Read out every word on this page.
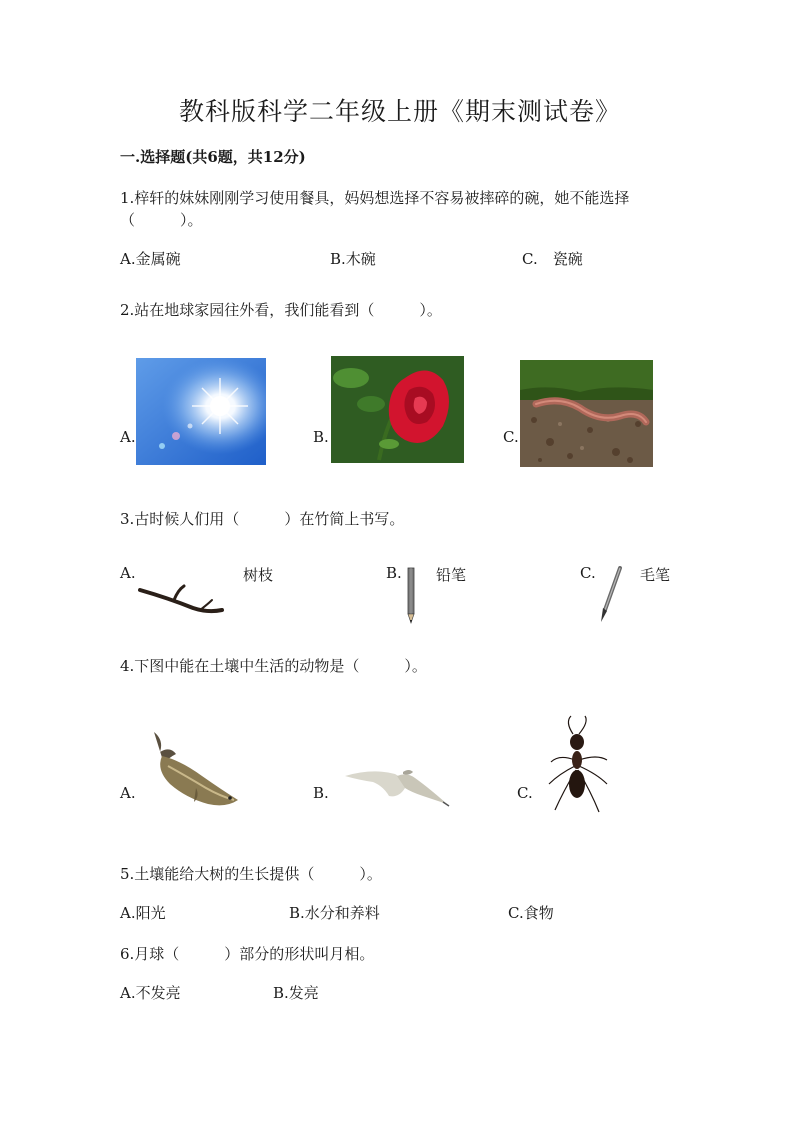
教科版科学二年级上册《期末测试卷》
一.选择题(共6题，共12分)
1.梓轩的妹妹刚刚学习使用餐具，妈妈想选择不容易被摔碎的碗，她不能选择
（　　　）。
A.金属碗	B.木碗	C.　瓷碗
2.站在地球家园往外看，我们能看到（　　　）。
A.	B.	C.
3.古时候人们用（　　　）在竹简上书写。
A.	树枝	B. 铅笔	C.	毛笔
4.下图中能在土壤中生活的动物是（　　　）。
A.	B.	C.
5.土壤能给大树的生长提供（　　　）。
A.阳光	B.水分和养料	C.食物
6.月球（　　　）部分的形状叫月相。
A.不发亮	B.发亮
